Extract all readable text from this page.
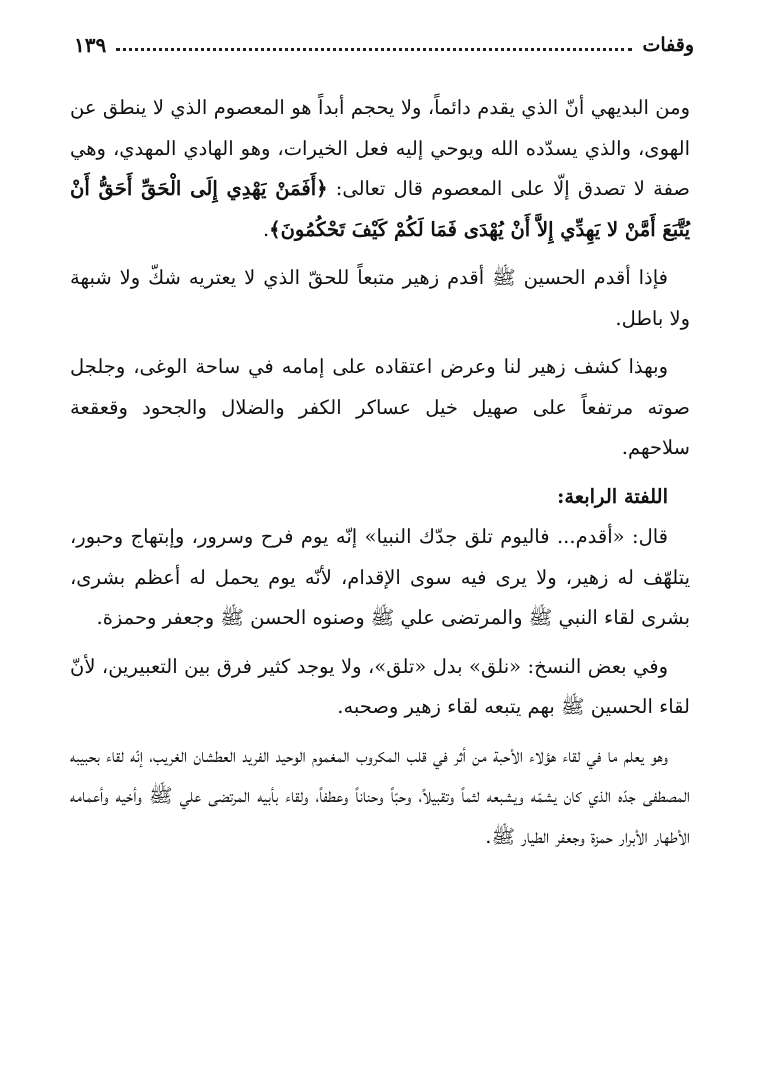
وقفات
١٣٩

ومن البديهي أنّ الذي يقدم دائماً، ولا يحجم أبداً هو المعصوم الذي لا ينطق عن الهوى، والذي يسدّده الله ويوحي إليه فعل الخيرات، وهو الهادي المهدي، وهي صفة لا تصدق إلّا على المعصوم قال تعالى: ﴿أَفَمَنْ يَهْدِي إِلَى الْحَقِّ أَحَقُّ أَنْ يُتَّبَعَ أَمَّنْ لا يَهِدِّي إِلاَّ أَنْ يُهْدَى فَمَا لَكُمْ كَيْفَ تَحْكُمُونَ﴾.

فإذا أقدم الحسين ﷺ أقدم زهير متبعاً للحقّ الذي لا يعتريه شكّ ولا شبهة ولا باطل.

وبهذا كشف زهير لنا وعرض اعتقاده على إمامه في ساحة الوغى، وجلجل صوته مرتفعاً على صهيل خيل عساكر الكفر والضلال والجحود وقعقعة سلاحهم.

اللفتة الرابعة:

قال: «أقدم... فاليوم تلق جدّك النبيا» إنّه يوم فرح وسرور، وإبتهاج وحبور، يتلهّف له زهير، ولا يرى فيه سوى الإقدام، لأنّه يوم يحمل له أعظم بشرى، بشرى لقاء النبي ﷺ والمرتضى علي ﷺ وصنوه الحسن ﷺ وجعفر وحمزة.

وفي بعض النسخ: «نلق» بدل «تلق»، ولا يوجد كثير فرق بين التعبيرين، لأنّ لقاء الحسين ﷺ بهم يتبعه لقاء زهير وصحبه.

وهو يعلم ما في لقاء هؤلاء الأحبة من أثر في قلب المكروب المغموم الوحيد الفريد العطشان الغريب، إنّه لقاء بحبيبه المصطفى جدّه الذي كان يشمّه ويشبعه لثماً وتقبيلاً، وحبّاً وحناناً وعطفاً، ولقاء بأبيه المرتضى علي ﷺ وأخيه وأعمامه الأطهار الأبرار حمزة وجعفر الطيار ﷺ.
